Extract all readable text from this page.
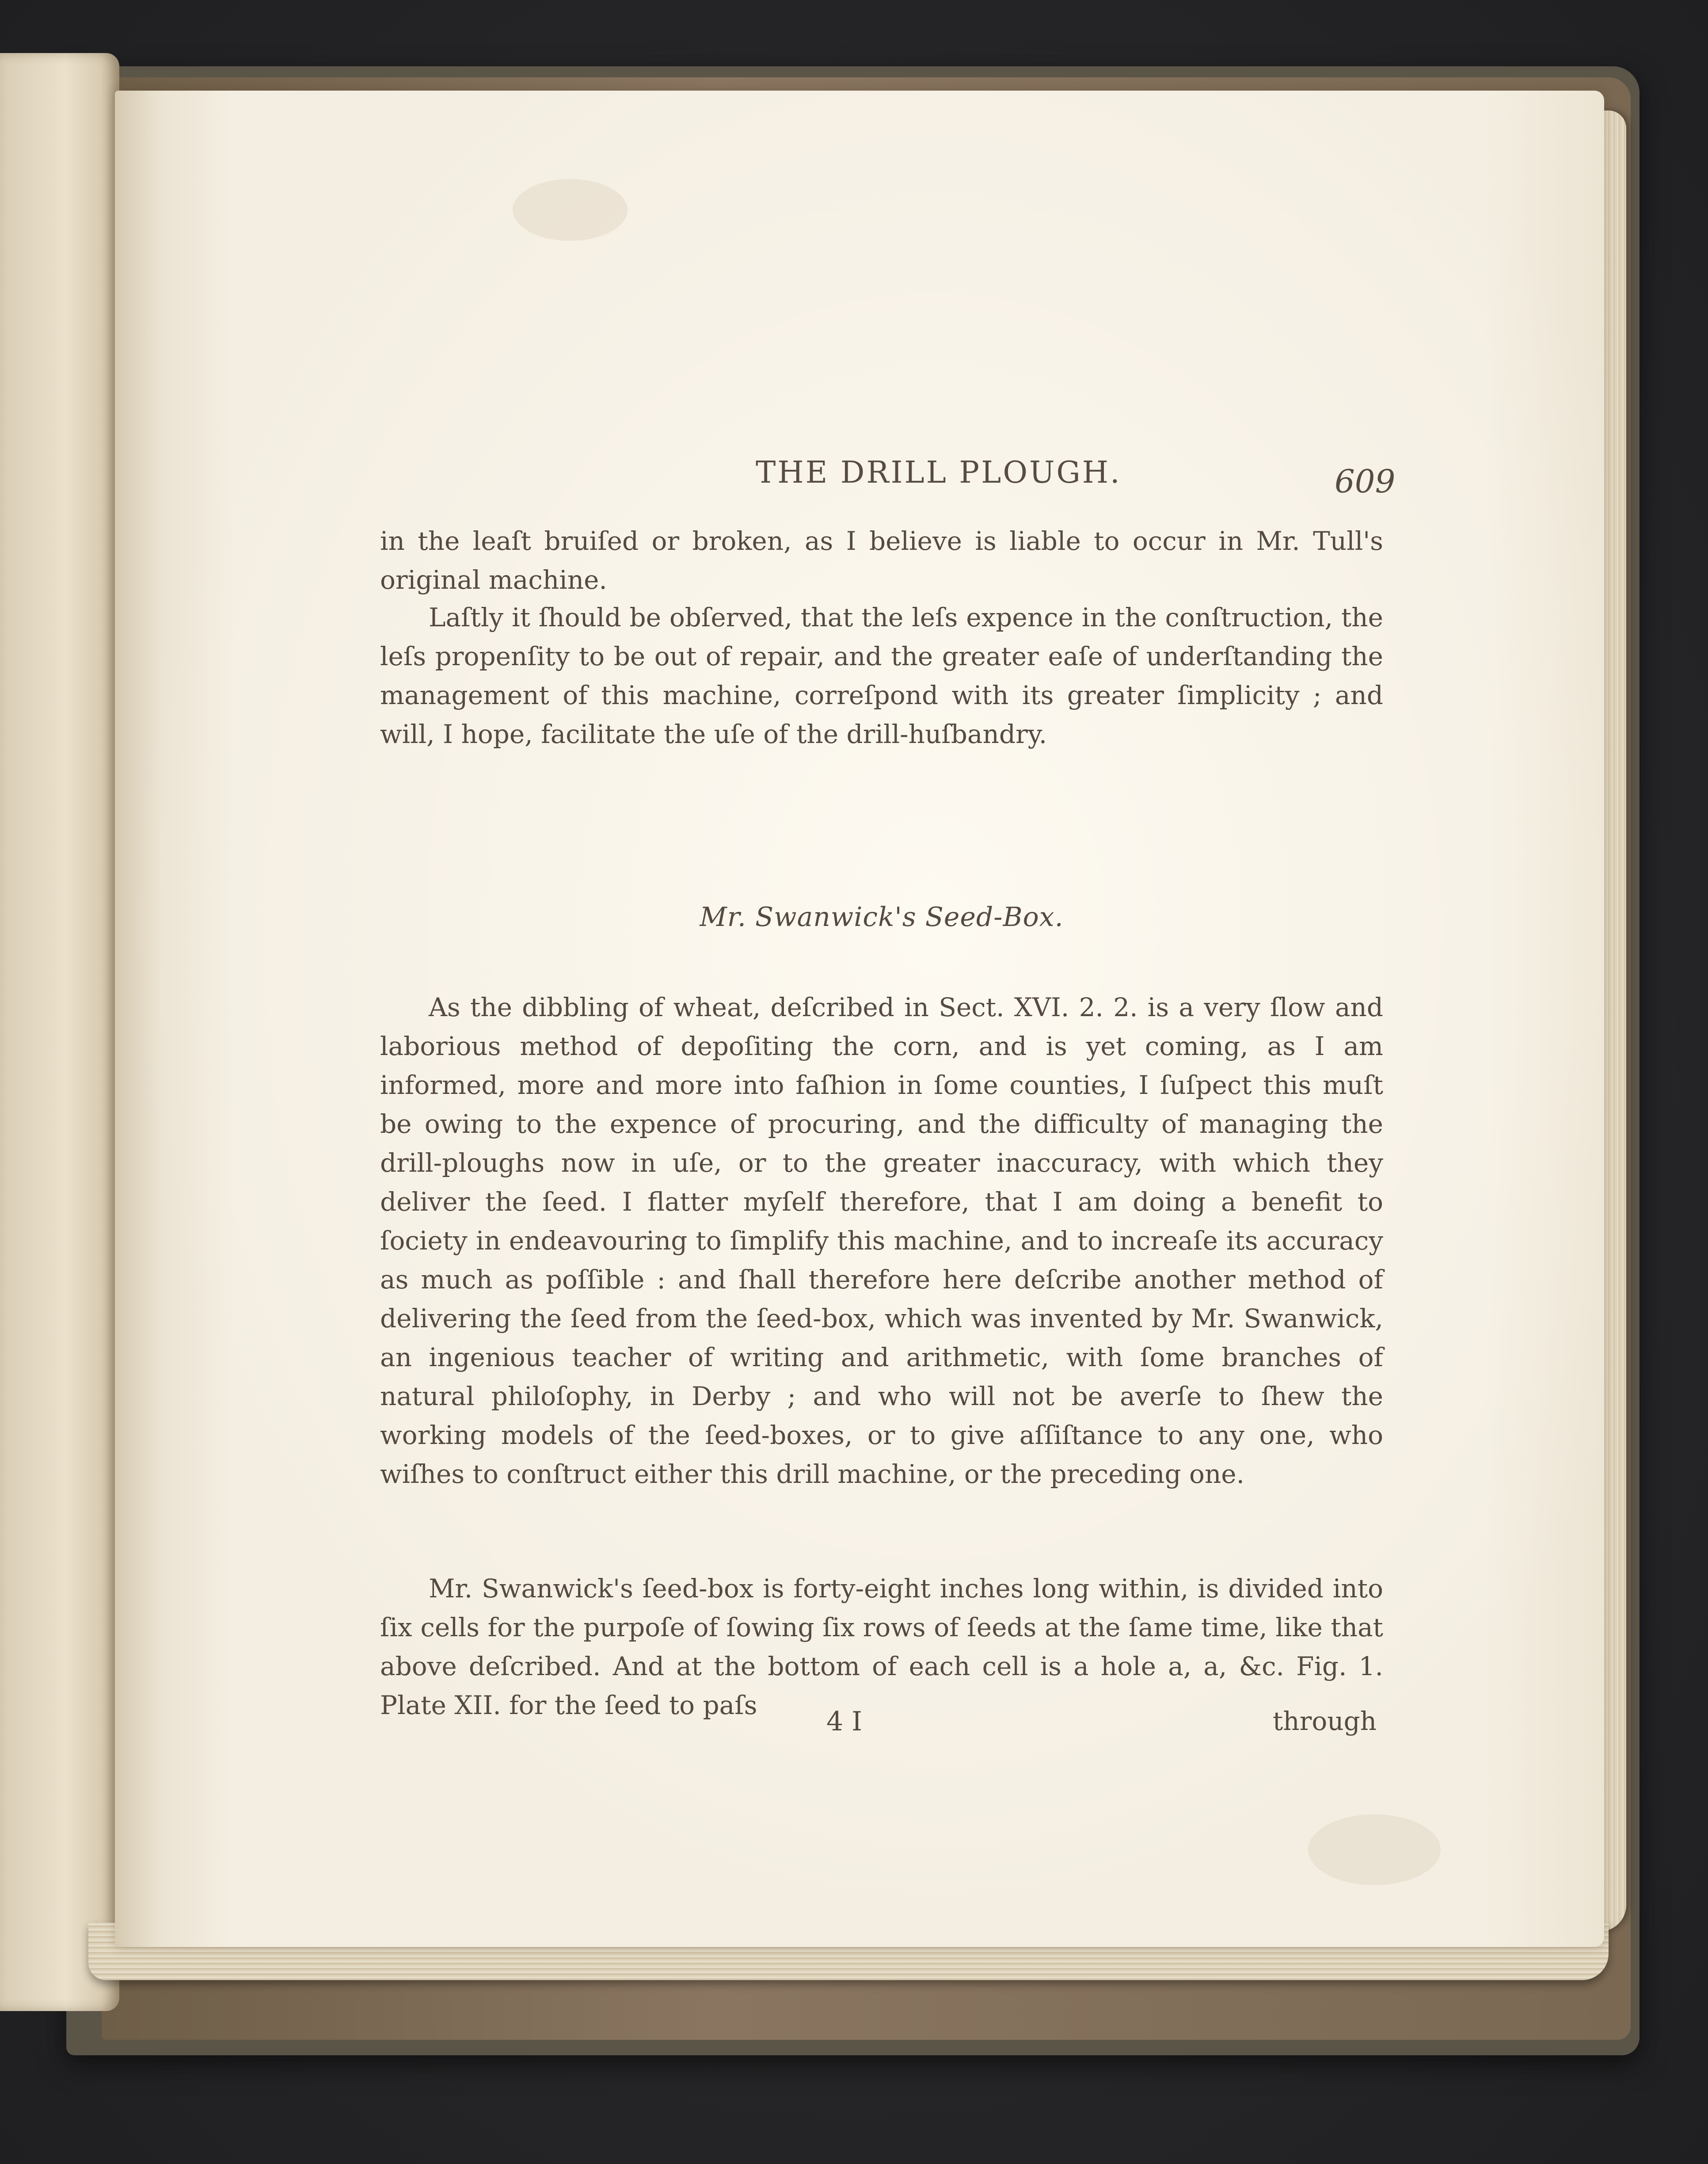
THE DRILL PLOUGH.	609

in the leaſt bruiſed or broken, as I believe is liable to occur in Mr. Tull's original machine.

Laſtly it ſhould be obſerved, that the leſs expence in the conſtruction, the leſs propenſity to be out of repair, and the greater eaſe of underſtanding the management of this machine, correſpond with its greater ſimplicity ; and will, I hope, facilitate the uſe of the drill-huſbandry.

Mr. Swanwick's Seed-Box.

As the dibbling of wheat, deſcribed in Sect. XVI. 2. 2. is a very ſlow and laborious method of depoſiting the corn, and is yet coming, as I am informed, more and more into faſhion in ſome counties, I ſuſpect this muſt be owing to the expence of procuring, and the difficulty of managing the drill-ploughs now in uſe, or to the greater inaccuracy, with which they deliver the ſeed. I flatter myſelf therefore, that I am doing a benefit to ſociety in endeavouring to ſimplify this machine, and to increaſe its accuracy as much as poſſible : and ſhall therefore here deſcribe another method of delivering the ſeed from the ſeed-box, which was invented by Mr. Swanwick, an ingenious teacher of writing and arithmetic, with ſome branches of natural philoſophy, in Derby ; and who will not be averſe to ſhew the working models of the ſeed-boxes, or to give aſſiſtance to any one, who wiſhes to conſtruct either this drill machine, or the preceding one.

Mr. Swanwick's ſeed-box is forty-eight inches long within, is divided into ſix cells for the purpoſe of ſowing ſix rows of ſeeds at the ſame time, like that above deſcribed. And at the bottom of each cell is a hole a, a, &c. Fig. 1. Plate XII. for the ſeed to paſs

4 I	through
